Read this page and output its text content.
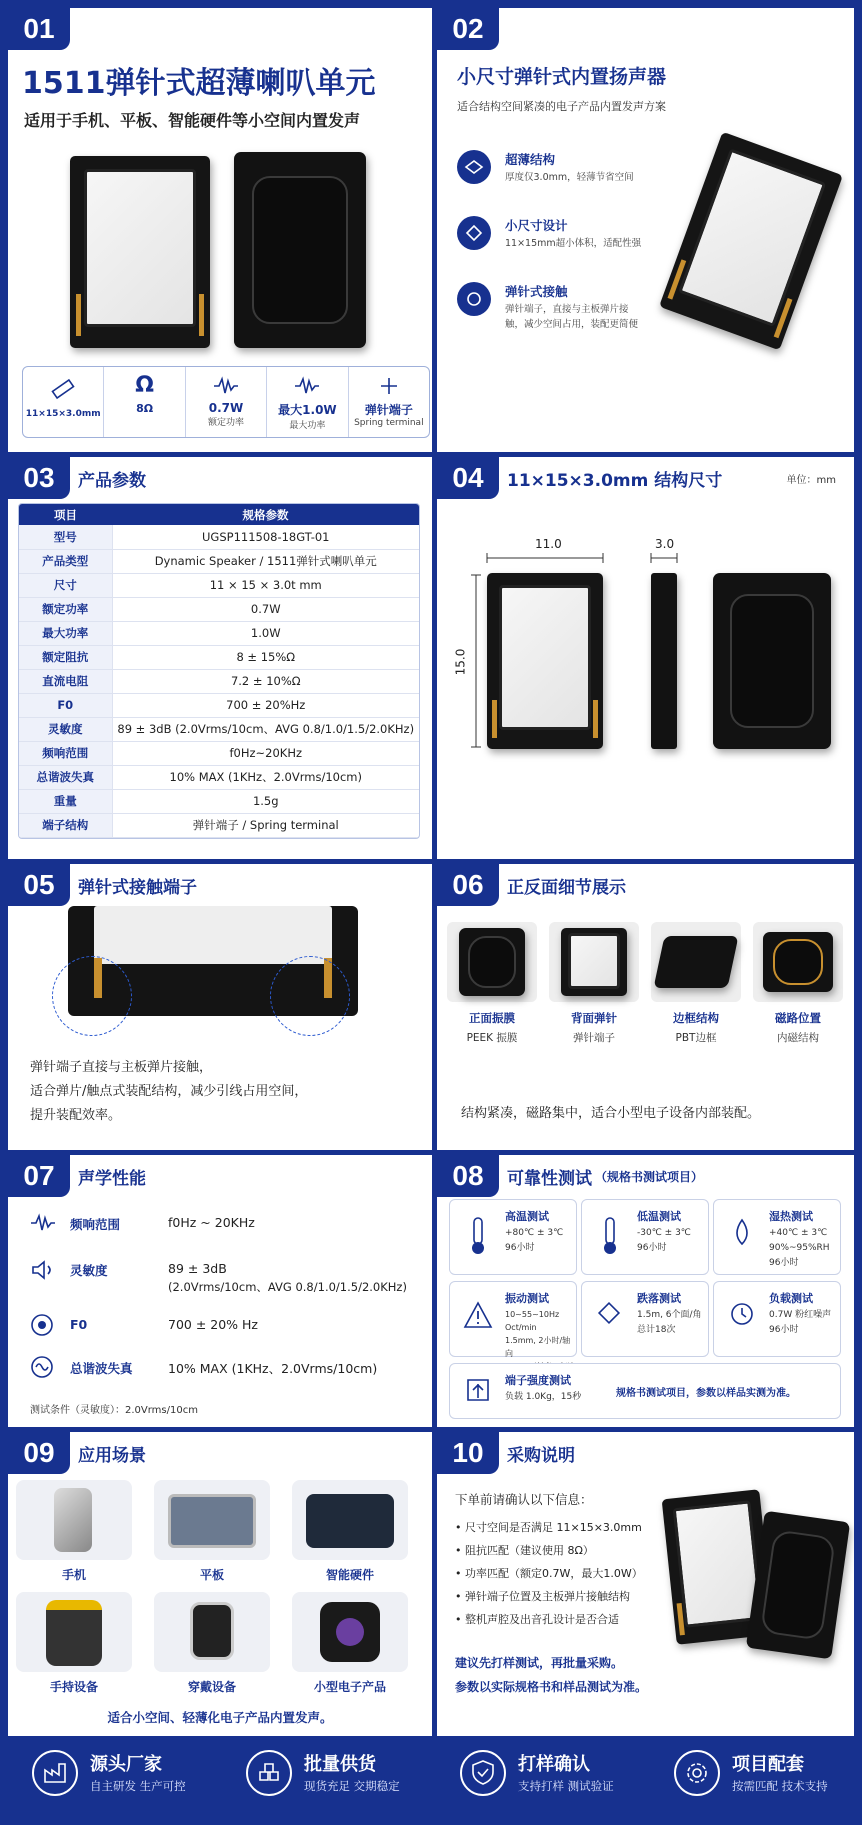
01
1511弹针式超薄喇叭单元
适用于手机、平板、智能硬件等小空间内置发声
11×15×3.0mm
Ω
8Ω	0.7W
额定功率
最大1.0W
最大功率
弹针端子
Spring terminal
02
小尺寸弹针式内置扬声器
适合结构空间紧凑的电子产品内置发声方案
超薄结构
厚度仅3.0mm，轻薄节省空间
小尺寸设计
11×15mm超小体积，适配性强
弹针式接触
弹针端子，直接与主板弹片接触，减少空间占用，装配更简便
03	产品参数
项目	规格参数
型号	UGSP111508-18GT-01
产品类型	Dynamic Speaker / 1511弹针式喇叭单元
尺寸	11 × 15 × 3.0t mm
额定功率	0.7W
最大功率	1.0W
额定阻抗	8 ± 15%Ω
直流电阻	7.2 ± 10%Ω
F0	700 ± 20%Hz
灵敏度	89 ± 3dB (2.0Vrms/10cm、AVG 0.8/1.0/1.5/2.0KHz)
频响范围	f0Hz~20KHz
总谐波失真	10% MAX (1KHz、2.0Vrms/10cm)
重量	1.5g
端子结构	弹针端子 / Spring terminal
04	11×15×3.0mm 结构尺寸	单位：mm
11.0
15.0
3.0
05	弹针式接触端子
弹针端子直接与主板弹片接触，
适合弹片/触点式装配结构，减少引线占用空间，
提升装配效率。
06	正反面细节展示
正面振膜
PEEK 振膜
背面弹针
弹针端子
边框结构
PBT边框
磁路位置
内磁结构
结构紧凑，磁路集中，适合小型电子设备内部装配。
07	声学性能
频响范围	f0Hz ~ 20KHz
灵敏度	89 ± 3dB
(2.0Vrms/10cm、AVG 0.8/1.0/1.5/2.0KHz)
F0	700 ± 20% Hz
总谐波失真	10% MAX (1KHz、2.0Vrms/10cm)
测试条件（灵敏度）：2.0Vrms/10cm
08	可靠性测试 （规格书测试项目）
高温测试
+80℃ ± 3℃
96小时
低温测试
-30℃ ± 3℃
96小时
湿热测试
+40℃ ± 3℃
90%~95%RH
96小时
振动测试
10~55~10Hz Oct/min
1.5mm, 2小时/轴向
跌落测试
1.5m, 6个面/角
总计18次
负载测试
0.7W 粉红噪声
96小时
端子强度测试
负载 1.0Kg，15秒	规格书测试项目，参数以样品实测为准。
09	应用场景
手机	平板	智能硬件
手持设备	穿戴设备	小型电子产品
适合小空间、轻薄化电子产品内置发声。
10	采购说明
下单前请确认以下信息：
• 尺寸空间是否满足 11×15×3.0mm
• 阻抗匹配（建议使用 8Ω）
• 功率匹配（额定0.7W，最大1.0W）
• 弹针端子位置及主板弹片接触结构
• 整机声腔及出音孔设计是否合适
建议先打样测试，再批量采购。
参数以实际规格书和样品测试为准。
源头厂家
自主研发 生产可控
批量供货
现货充足 交期稳定
打样确认
支持打样 测试验证
项目配套
按需匹配 技术支持
